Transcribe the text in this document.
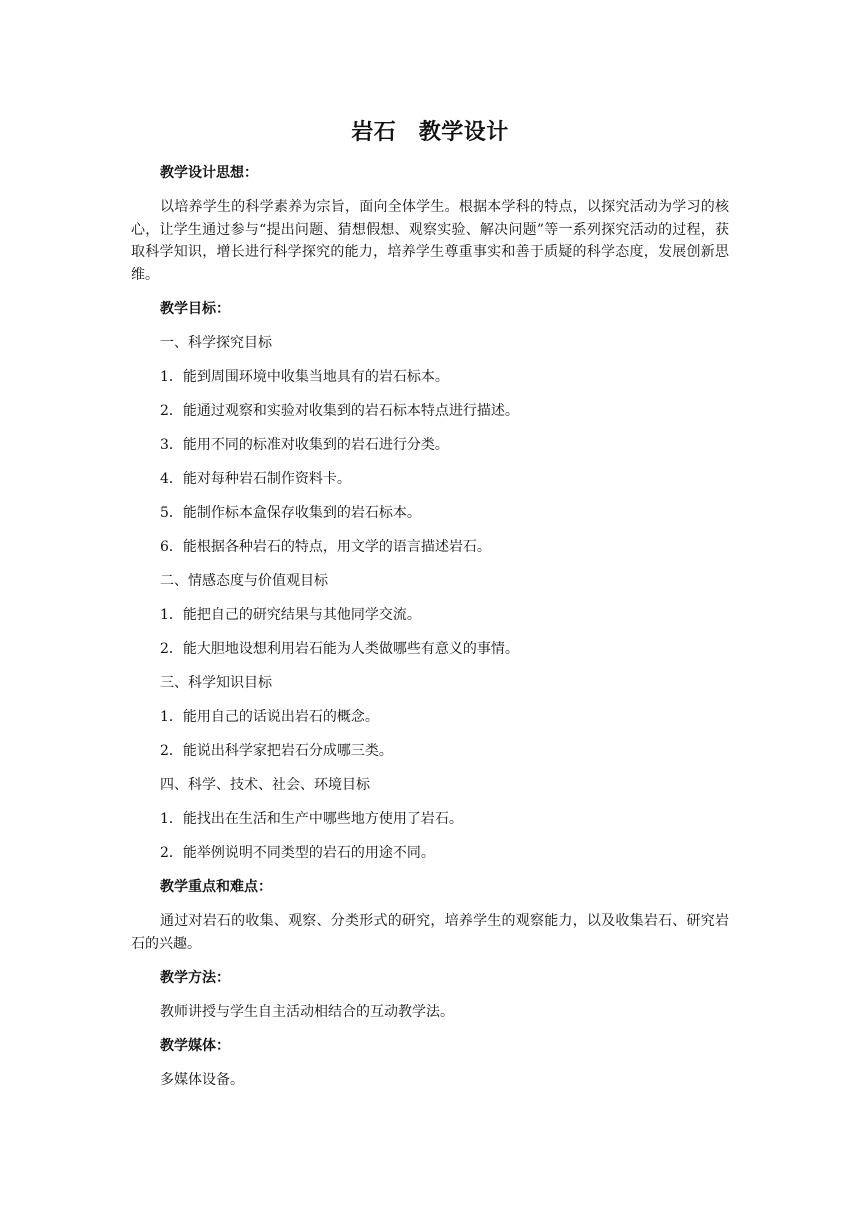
岩石　教学设计
教学设计思想：
以培养学生的科学素养为宗旨，面向全体学生。根据本学科的特点，以探究活动为学习的核心，让学生通过参与“提出问题、猜想假想、观察实验、解决问题”等一系列探究活动的过程，获取科学知识，增长进行科学探究的能力，培养学生尊重事实和善于质疑的科学态度，发展创新思维。
教学目标：
一、科学探究目标
1．能到周围环境中收集当地具有的岩石标本。
2．能通过观察和实验对收集到的岩石标本特点进行描述。
3．能用不同的标准对收集到的岩石进行分类。
4．能对每种岩石制作资料卡。
5．能制作标本盒保存收集到的岩石标本。
6．能根据各种岩石的特点，用文学的语言描述岩石。
二、情感态度与价值观目标
1．能把自己的研究结果与其他同学交流。
2．能大胆地设想利用岩石能为人类做哪些有意义的事情。
三、科学知识目标
1．能用自己的话说出岩石的概念。
2．能说出科学家把岩石分成哪三类。
四、科学、技术、社会、环境目标
1．能找出在生活和生产中哪些地方使用了岩石。
2．能举例说明不同类型的岩石的用途不同。
教学重点和难点：
通过对岩石的收集、观察、分类形式的研究，培养学生的观察能力，以及收集岩石、研究岩石的兴趣。
教学方法：
教师讲授与学生自主活动相结合的互动教学法。
教学媒体：
多媒体设备。
